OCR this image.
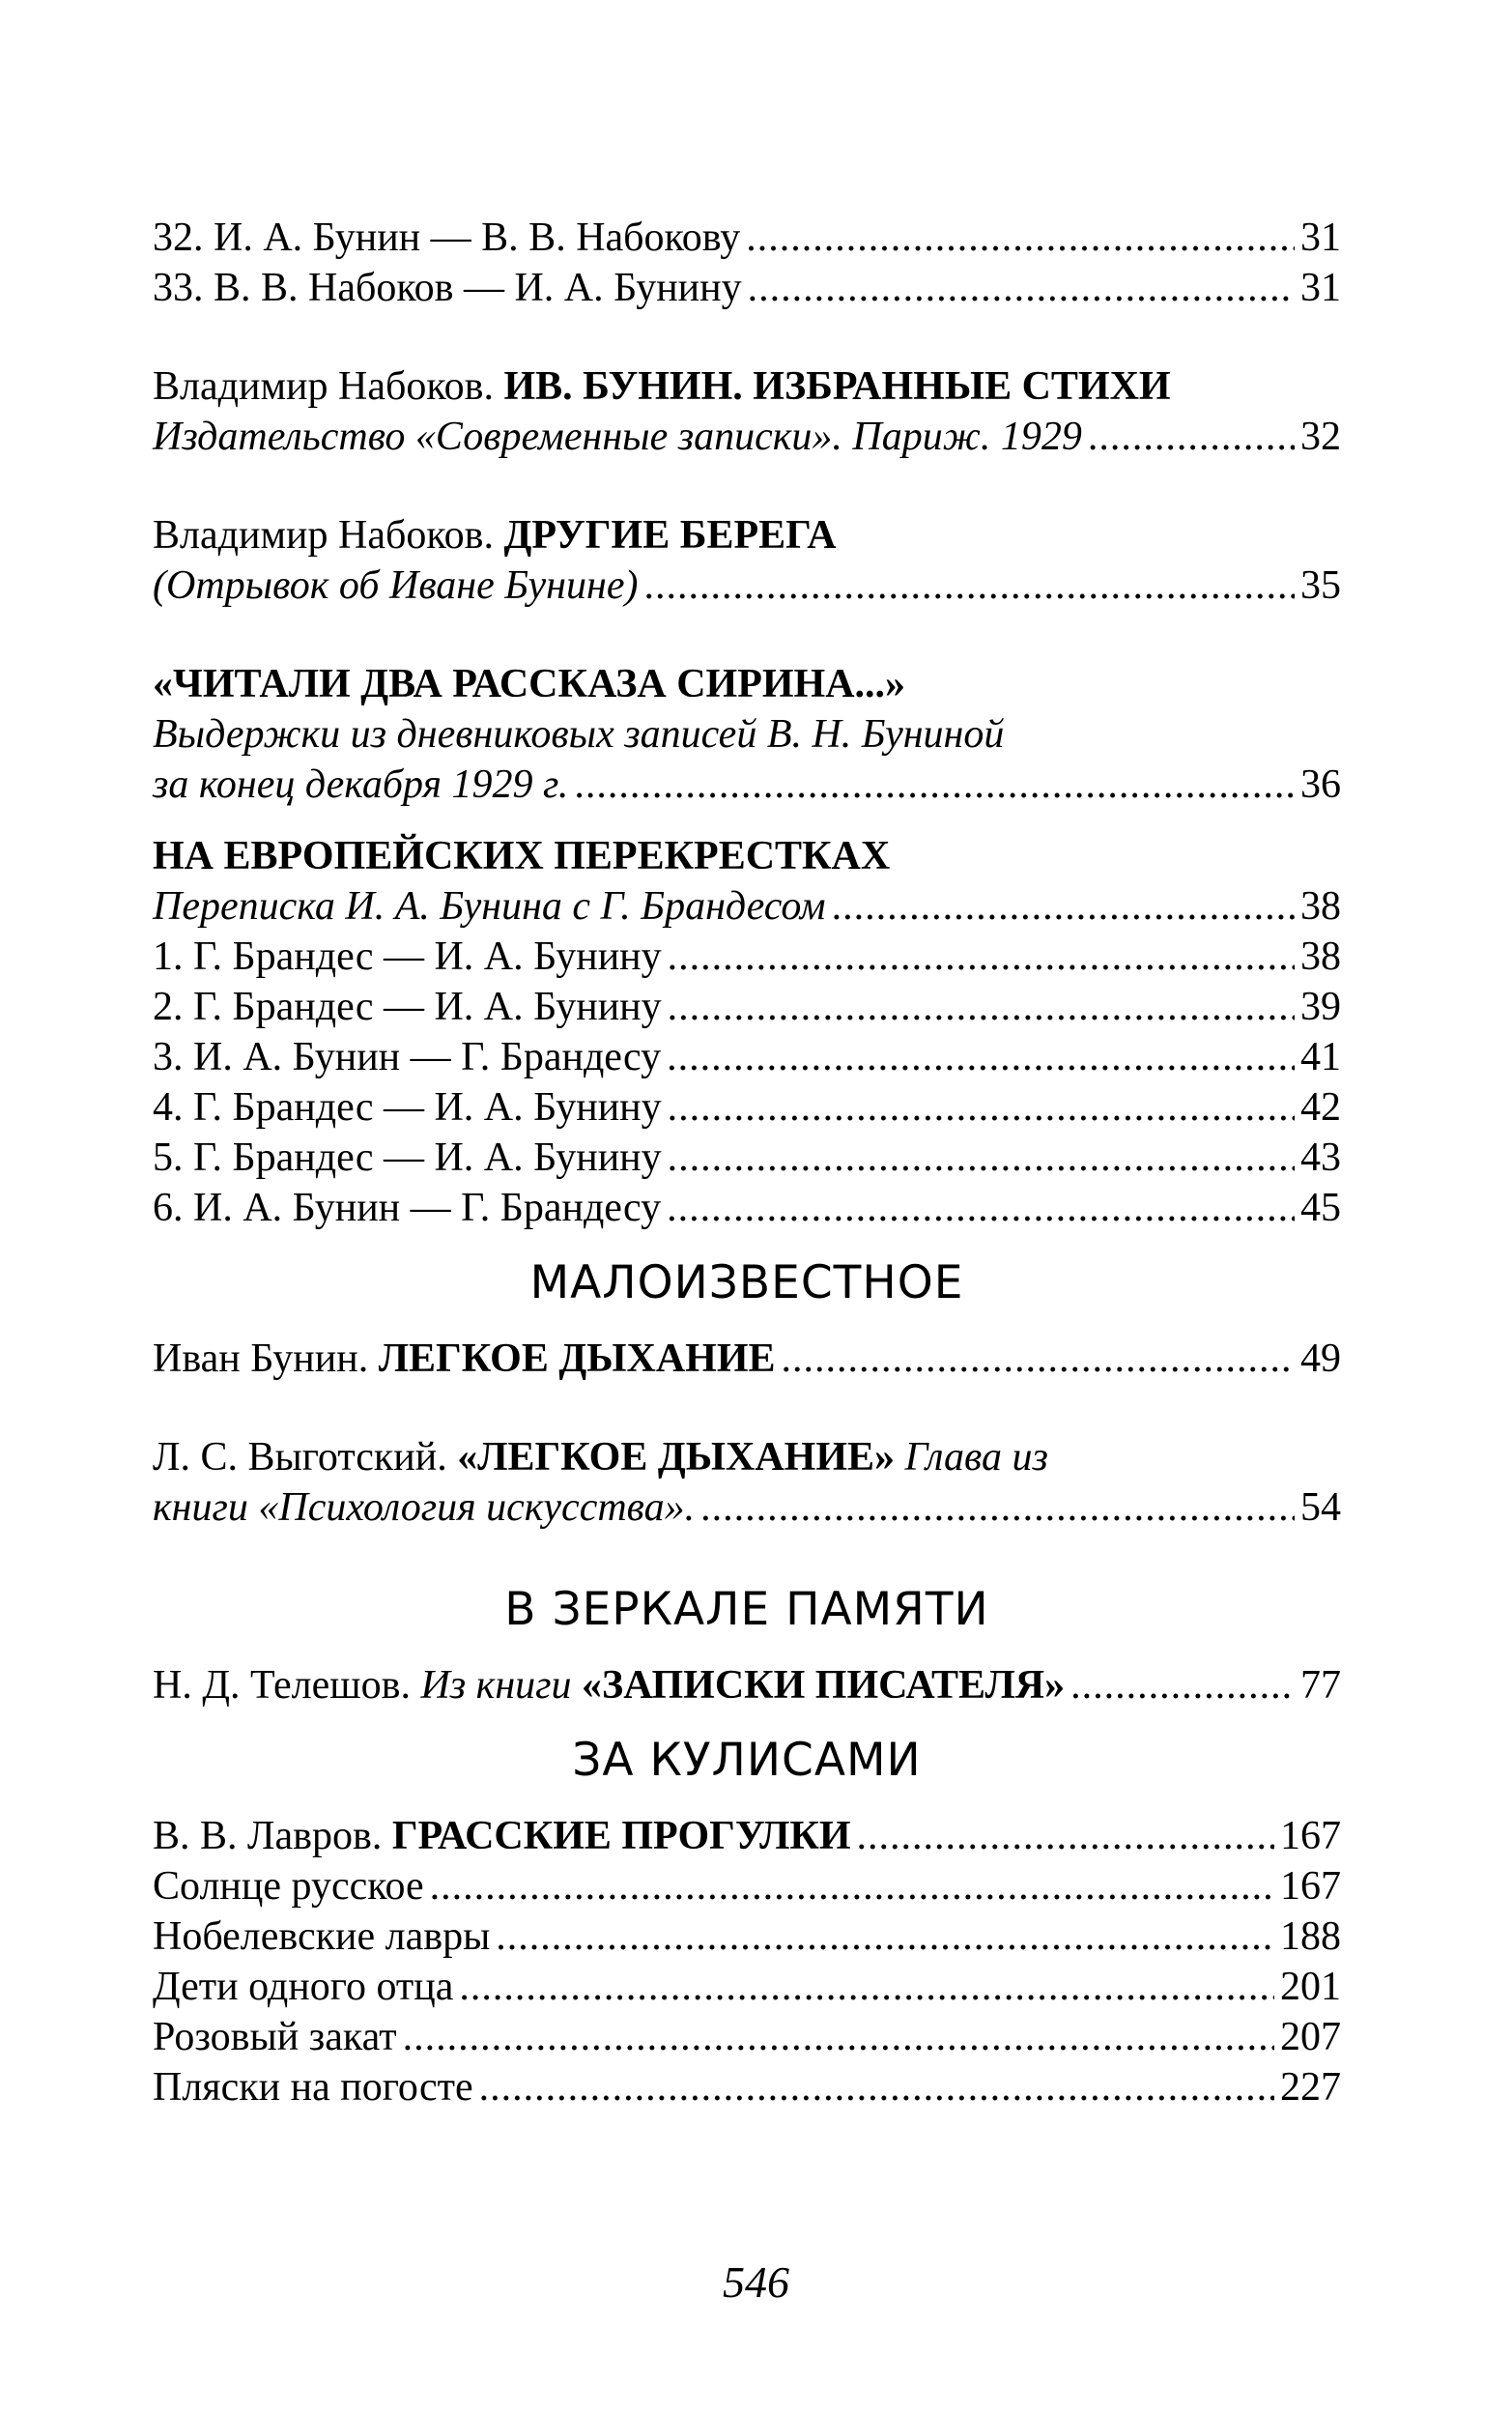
32. И. А. Бунин — В. В. Набокову .....	31
33. В. В. Набоков — И. А. Бунину .....	31
Владимир Набоков. ИВ. БУНИН. ИЗБРАННЫЕ СТИХИ
Издательство «Современные записки». Париж. 1929 .....	32
Владимир Набоков. ДРУГИЕ БЕРЕГА
(Отрывок об Иване Бунине) .....	35
«ЧИТАЛИ ДВА РАССКАЗА СИРИНА...»
Выдержки из дневниковых записей В. Н. Буниной
за конец декабря 1929 г. .....	36
НА ЕВРОПЕЙСКИХ ПЕРЕКРЕСТКАХ
Переписка И. А. Бунина с Г. Брандесом .....	38
1. Г. Брандес — И. А. Бунину .....	38
2. Г. Брандес — И. А. Бунину .....	39
3. И. А. Бунин — Г. Брандесу .....	41
4. Г. Брандес — И. А. Бунину .....	42
5. Г. Брандес — И. А. Бунину .....	43
6. И. А. Бунин — Г. Брандесу .....	45
МАЛОИЗВЕСТНОЕ
Иван Бунин. ЛЕГКОЕ ДЫХАНИЕ .....	49
Л. С. Выготский. «ЛЕГКОЕ ДЫХАНИЕ» Глава из
книги «Психология искусства». .....	54
В ЗЕРКАЛЕ ПАМЯТИ
Н. Д. Телешов. Из книги «ЗАПИСКИ ПИСАТЕЛЯ» .....	77
ЗА КУЛИСАМИ
В. В. Лавров. ГРАССКИЕ ПРОГУЛКИ .....	167
Солнце русское .....	167
Нобелевские лавры .....	188
Дети одного отца .....	201
Розовый закат .....	207
Пляски на погосте .....	227
546
